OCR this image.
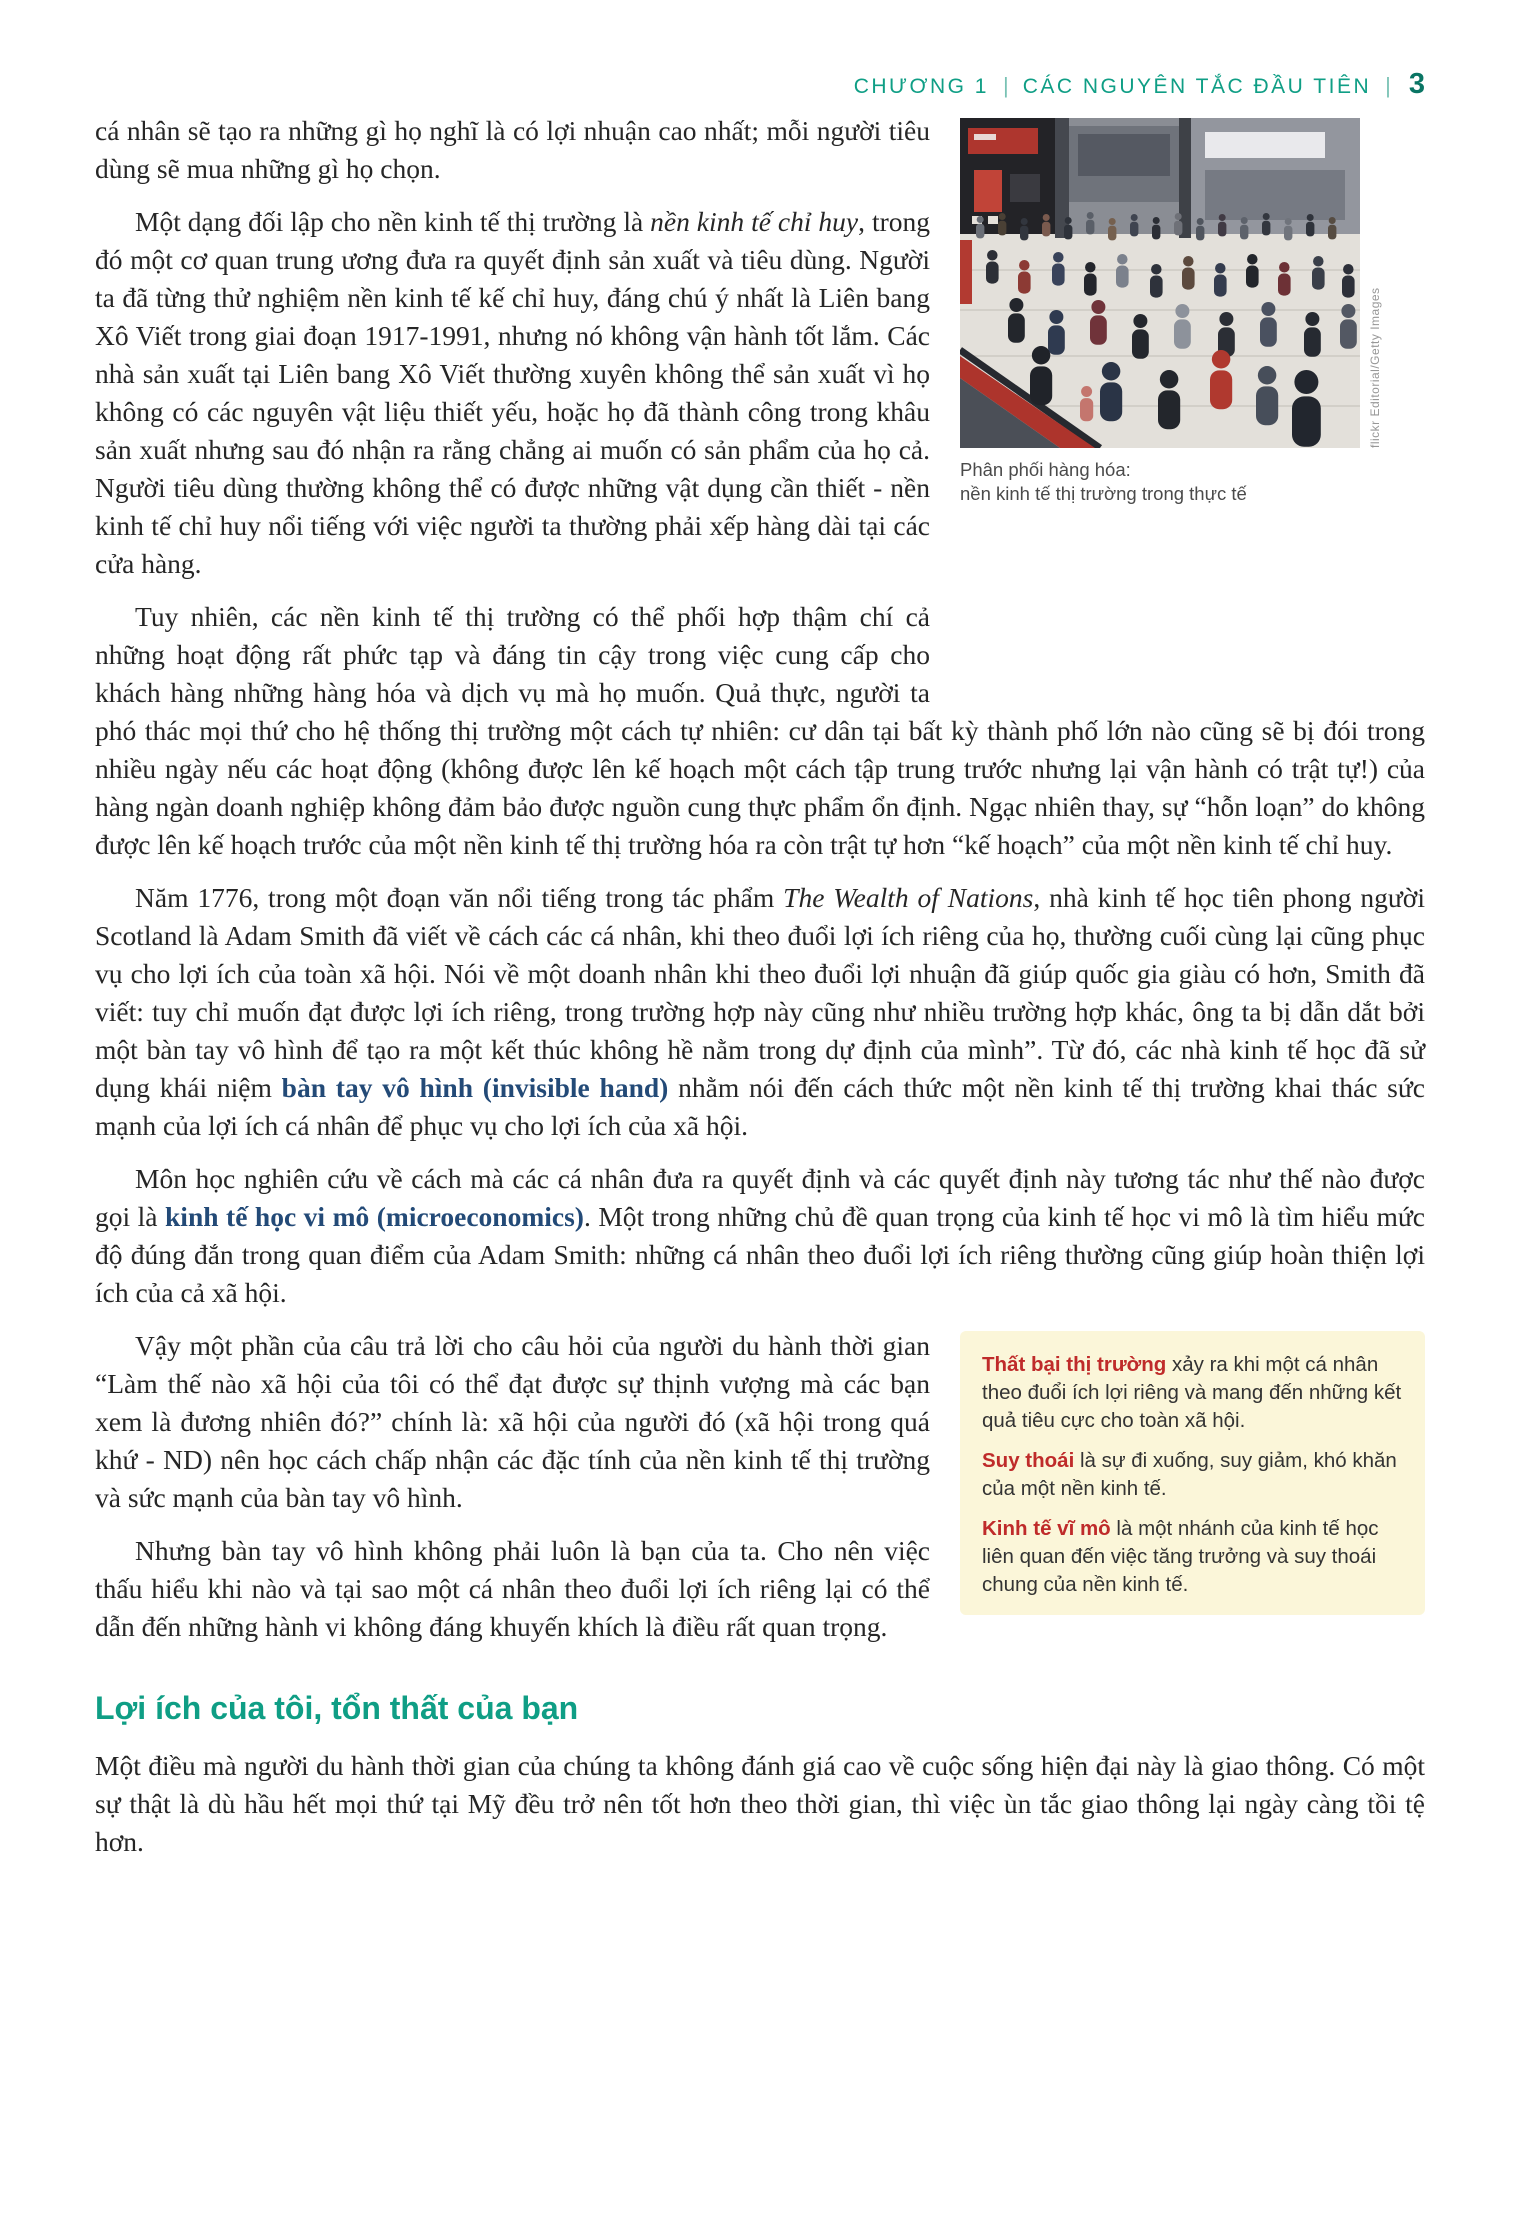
CHƯƠNG 1 | CÁC NGUYÊN TẮC ĐẦU TIÊN | 3
flickr Editorial/Getty Images
Phân phối hàng hóa:
nền kinh tế thị trường trong thực tế

cá nhân sẽ tạo ra những gì họ nghĩ là có lợi nhuận cao nhất; mỗi người tiêu dùng sẽ mua những gì họ chọn.

Một dạng đối lập cho nền kinh tế thị trường là nền kinh tế chỉ huy, trong đó một cơ quan trung ương đưa ra quyết định sản xuất và tiêu dùng. Người ta đã từng thử nghiệm nền kinh tế kế chỉ huy, đáng chú ý nhất là Liên bang Xô Viết trong giai đoạn 1917-1991, nhưng nó không vận hành tốt lắm. Các nhà sản xuất tại Liên bang Xô Viết thường xuyên không thể sản xuất vì họ không có các nguyên vật liệu thiết yếu, hoặc họ đã thành công trong khâu sản xuất nhưng sau đó nhận ra rằng chẳng ai muốn có sản phẩm của họ cả. Người tiêu dùng thường không thể có được những vật dụng cần thiết - nền kinh tế chỉ huy nổi tiếng với việc người ta thường phải xếp hàng dài tại các cửa hàng.

Tuy nhiên, các nền kinh tế thị trường có thể phối hợp thậm chí cả những hoạt động rất phức tạp và đáng tin cậy trong việc cung cấp cho khách hàng những hàng hóa và dịch vụ mà họ muốn. Quả thực, người ta phó thác mọi thứ cho hệ thống thị trường một cách tự nhiên: cư dân tại bất kỳ thành phố lớn nào cũng sẽ bị đói trong nhiều ngày nếu các hoạt động (không được lên kế hoạch một cách tập trung trước nhưng lại vận hành có trật tự!) của hàng ngàn doanh nghiệp không đảm bảo được nguồn cung thực phẩm ổn định. Ngạc nhiên thay, sự “hỗn loạn” do không được lên kế hoạch trước của một nền kinh tế thị trường hóa ra còn trật tự hơn “kế hoạch” của một nền kinh tế chỉ huy.

Năm 1776, trong một đoạn văn nổi tiếng trong tác phẩm The Wealth of Nations, nhà kinh tế học tiên phong người Scotland là Adam Smith đã viết về cách các cá nhân, khi theo đuổi lợi ích riêng của họ, thường cuối cùng lại cũng phục vụ cho lợi ích của toàn xã hội. Nói về một doanh nhân khi theo đuổi lợi nhuận đã giúp quốc gia giàu có hơn, Smith đã viết: tuy chỉ muốn đạt được lợi ích riêng, trong trường hợp này cũng như nhiều trường hợp khác, ông ta bị dẫn dắt bởi một bàn tay vô hình để tạo ra một kết thúc không hề nằm trong dự định của mình”. Từ đó, các nhà kinh tế học đã sử dụng khái niệm bàn tay vô hình (invisible hand) nhằm nói đến cách thức một nền kinh tế thị trường khai thác sức mạnh của lợi ích cá nhân để phục vụ cho lợi ích của xã hội.

Môn học nghiên cứu về cách mà các cá nhân đưa ra quyết định và các quyết định này tương tác như thế nào được gọi là kinh tế học vi mô (microeconomics). Một trong những chủ đề quan trọng của kinh tế học vi mô là tìm hiểu mức độ đúng đắn trong quan điểm của Adam Smith: những cá nhân theo đuổi lợi ích riêng thường cũng giúp hoàn thiện lợi ích của cả xã hội.

Thất bại thị trường xảy ra khi một cá nhân theo đuổi ích lợi riêng và mang đến những kết quả tiêu cực cho toàn xã hội.

Suy thoái là sự đi xuống, suy giảm, khó khăn của một nền kinh tế.

Kinh tế vĩ mô là một nhánh của kinh tế học liên quan đến việc tăng trưởng và suy thoái chung của nền kinh tế.

Vậy một phần của câu trả lời cho câu hỏi của người du hành thời gian “Làm thế nào xã hội của tôi có thể đạt được sự thịnh vượng mà các bạn xem là đương nhiên đó?” chính là: xã hội của người đó (xã hội trong quá khứ - ND) nên học cách chấp nhận các đặc tính của nền kinh tế thị trường và sức mạnh của bàn tay vô hình.

Nhưng bàn tay vô hình không phải luôn là bạn của ta. Cho nên việc thấu hiểu khi nào và tại sao một cá nhân theo đuổi lợi ích riêng lại có thể dẫn đến những hành vi không đáng khuyến khích là điều rất quan trọng.

Lợi ích của tôi, tổn thất của bạn

Một điều mà người du hành thời gian của chúng ta không đánh giá cao về cuộc sống hiện đại này là giao thông. Có một sự thật là dù hầu hết mọi thứ tại Mỹ đều trở nên tốt hơn theo thời gian, thì việc ùn tắc giao thông lại ngày càng tồi tệ hơn.
